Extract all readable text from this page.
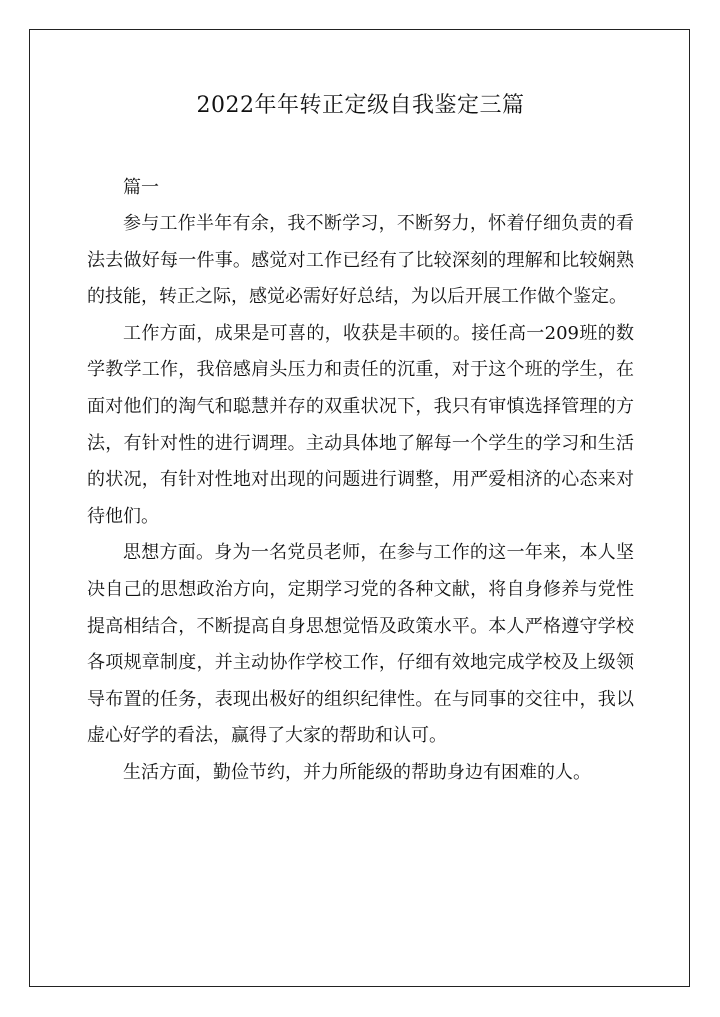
2022年年转正定级自我鉴定三篇

篇一

参与工作半年有余，我不断学习，不断努力，怀着仔细负责的看法去做好每一件事。感觉对工作已经有了比较深刻的理解和比较娴熟的技能，转正之际，感觉必需好好总结，为以后开展工作做个鉴定。

工作方面，成果是可喜的，收获是丰硕的。接任高一209班的数学教学工作，我倍感肩头压力和责任的沉重，对于这个班的学生，在面对他们的淘气和聪慧并存的双重状况下，我只有审慎选择管理的方法，有针对性的进行调理。主动具体地了解每一个学生的学习和生活的状况，有针对性地对出现的问题进行调整，用严爱相济的心态来对待他们。

思想方面。身为一名党员老师，在参与工作的这一年来，本人坚决自己的思想政治方向，定期学习党的各种文献，将自身修养与党性提高相结合，不断提高自身思想觉悟及政策水平。本人严格遵守学校各项规章制度，并主动协作学校工作，仔细有效地完成学校及上级领导布置的任务，表现出极好的组织纪律性。在与同事的交往中，我以虚心好学的看法，赢得了大家的帮助和认可。

生活方面，勤俭节约，并力所能级的帮助身边有困难的人。
